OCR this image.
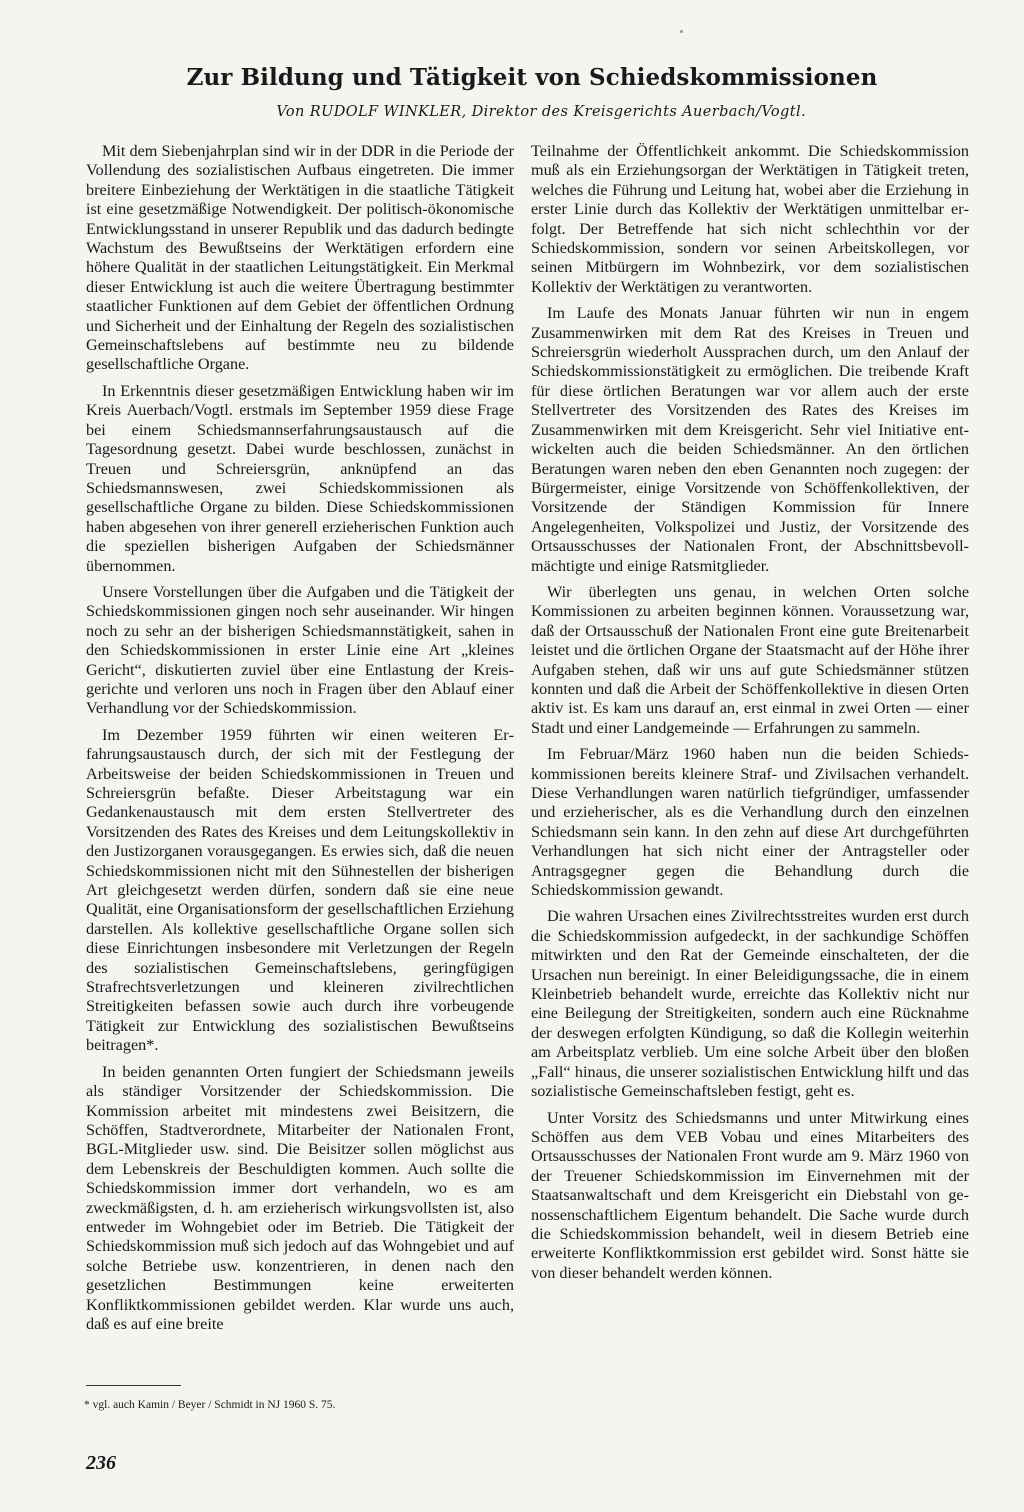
Zur Bildung und Tätigkeit von Schiedskommissionen

Von RUDOLF WINKLER, Direktor des Kreisgerichts Auerbach/Vogtl.

Mit dem Siebenjahrplan sind wir in der DDR in die Periode der Vollendung des sozialistischen Aufbaus eingetreten. Die immer breitere Einbeziehung der Werktätigen in die staatliche Tätigkeit ist eine gesetzmäßige Notwendigkeit. Der politisch-ökonomische Entwicklungsstand in unserer Republik und das dadurch bedingte Wachstum des Bewußtseins der Werktätigen erfordern eine höhere Qualität in der staatlichen Leitungstätigkeit. Ein Merkmal dieser Entwicklung ist auch die weitere Übertragung bestimmter staatlicher Funktionen auf dem Gebiet der öffentlichen Ordnung und Sicherheit und der Einhaltung der Regeln des sozialistischen Gemeinschaftslebens auf bestimmte neu zu bildende gesellschaftliche Organe.

In Erkenntnis dieser gesetzmäßigen Entwicklung haben wir im Kreis Auerbach/Vogtl. erstmals im September 1959 diese Frage bei einem Schiedsmannserfahrungsaustausch auf die Tagesordnung gesetzt. Dabei wurde beschlossen, zunächst in Treuen und Schreiersgrün, anknüpfend an das Schiedsmannswesen, zwei Schiedskommissionen als gesellschaftliche Organe zu bilden. Diese Schiedskommissionen haben abgesehen von ihrer generell erzieherischen Funktion auch die speziellen bisherigen Aufgaben der Schiedsmänner übernommen.

Unsere Vorstellungen über die Aufgaben und die Tätigkeit der Schiedskommissionen gingen noch sehr auseinander. Wir hingen noch zu sehr an der bisherigen Schiedsmannstätigkeit, sahen in den Schiedskommissionen in erster Linie eine Art „kleines Gericht“, diskutierten zuviel über eine Entlastung der Kreisgerichte und verloren uns noch in Fragen über den Ablauf einer Verhandlung vor der Schiedskommission.

Im Dezember 1959 führten wir einen weiteren Erfahrungsaustausch durch, der sich mit der Festlegung der Arbeitsweise der beiden Schiedskommissionen in Treuen und Schreiersgrün befaßte. Dieser Arbeitstagung war ein Gedankenaustausch mit dem ersten Stellvertreter des Vorsitzenden des Rates des Kreises und dem Leitungskollektiv in den Justizorganen vorausgegangen. Es erwies sich, daß die neuen Schiedskommissionen nicht mit den Sühnestellen der bisherigen Art gleichgesetzt werden dürfen, sondern daß sie eine neue Qualität, eine Organisationsform der gesellschaftlichen Erziehung darstellen. Als kollektive gesellschaftliche Organe sollen sich diese Einrichtungen insbesondere mit Verletzungen der Regeln des sozialistischen Gemeinschaftslebens, geringfügigen Strafrechtsverletzungen und kleineren zivilrechtlichen Streitigkeiten befassen sowie auch durch ihre vorbeugende Tätigkeit zur Entwicklung des sozialistischen Bewußtseins beitragen*.

In beiden genannten Orten fungiert der Schiedsmann jeweils als ständiger Vorsitzender der Schiedskommission. Die Kommission arbeitet mit mindestens zwei Beisitzern, die Schöffen, Stadtverordnete, Mitarbeiter der Nationalen Front, BGL-Mitglieder usw. sind. Die Beisitzer sollen möglichst aus dem Lebenskreis der Beschuldigten kommen. Auch sollte die Schiedskommission immer dort verhandeln, wo es am zweckmäßigsten, d. h. am erzieherisch wirkungsvollsten ist, also entweder im Wohngebiet oder im Betrieb. Die Tätigkeit der Schiedskommission muß sich jedoch auf das Wohngebiet und auf solche Betriebe usw. konzentrieren, in denen nach den gesetzlichen Bestimmungen keine erweiterten Konfliktkommissionen gebildet werden. Klar wurde uns auch, daß es auf eine breite

Teilnahme der Öffentlichkeit ankommt. Die Schiedskommission muß als ein Erziehungsorgan der Werktätigen in Tätigkeit treten, welches die Führung und Leitung hat, wobei aber die Erziehung in erster Linie durch das Kollektiv der Werktätigen unmittelbar erfolgt. Der Betreffende hat sich nicht schlechthin vor der Schiedskommission, sondern vor seinen Arbeitskollegen, vor seinen Mitbürgern im Wohnbezirk, vor dem sozialistischen Kollektiv der Werktätigen zu verantworten.

Im Laufe des Monats Januar führten wir nun in engem Zusammenwirken mit dem Rat des Kreises in Treuen und Schreiersgrün wiederholt Aussprachen durch, um den Anlauf der Schiedskommissionstätigkeit zu ermöglichen. Die treibende Kraft für diese örtlichen Beratungen war vor allem auch der erste Stellvertreter des Vorsitzenden des Rates des Kreises im Zusammenwirken mit dem Kreisgericht. Sehr viel Initiative entwickelten auch die beiden Schiedsmänner. An den örtlichen Beratungen waren neben den eben Genannten noch zugegen: der Bürgermeister, einige Vorsitzende von Schöffenkollektiven, der Vorsitzende der Ständigen Kommission für Innere Angelegenheiten, Volkspolizei und Justiz, der Vorsitzende des Ortsausschusses der Nationalen Front, der Abschnittsbevollmächtigte und einige Ratsmitglieder.

Wir überlegten uns genau, in welchen Orten solche Kommissionen zu arbeiten beginnen können. Voraussetzung war, daß der Ortsausschuß der Nationalen Front eine gute Breitenarbeit leistet und die örtlichen Organe der Staatsmacht auf der Höhe ihrer Aufgaben stehen, daß wir uns auf gute Schiedsmänner stützen konnten und daß die Arbeit der Schöffenkollektive in diesen Orten aktiv ist. Es kam uns darauf an, erst einmal in zwei Orten — einer Stadt und einer Landgemeinde — Erfahrungen zu sammeln.

Im Februar/März 1960 haben nun die beiden Schiedskommissionen bereits kleinere Straf- und Zivilsachen verhandelt. Diese Verhandlungen waren natürlich tiefgründiger, umfassender und erzieherischer, als es die Verhandlung durch den einzelnen Schiedsmann sein kann. In den zehn auf diese Art durchgeführten Verhandlungen hat sich nicht einer der Antragsteller oder Antragsgegner gegen die Behandlung durch die Schiedskommission gewandt.

Die wahren Ursachen eines Zivilrechtsstreites wurden erst durch die Schiedskommission aufgedeckt, in der sachkundige Schöffen mitwirkten und den Rat der Gemeinde einschalteten, der die Ursachen nun bereinigt. In einer Beleidigungssache, die in einem Kleinbetrieb behandelt wurde, erreichte das Kollektiv nicht nur eine Beilegung der Streitigkeiten, sondern auch eine Rücknahme der deswegen erfolgten Kündigung, so daß die Kollegin weiterhin am Arbeitsplatz verblieb. Um eine solche Arbeit über den bloßen „Fall“ hinaus, die unserer sozialistischen Entwicklung hilft und das sozialistische Gemeinschaftsleben festigt, geht es.

Unter Vorsitz des Schiedsmanns und unter Mitwirkung eines Schöffen aus dem VEB Vobau und eines Mitarbeiters des Ortsausschusses der Nationalen Front wurde am 9. März 1960 von der Treuener Schiedskommission im Einvernehmen mit der Staatsanwaltschaft und dem Kreisgericht ein Diebstahl von genossenschaftlichem Eigentum behandelt. Die Sache wurde durch die Schiedskommission behandelt, weil in diesem Betrieb eine erweiterte Konfliktkommission erst gebildet wird. Sonst hätte sie von dieser behandelt werden können.

* vgl. auch Kamin / Beyer / Schmidt in NJ 1960 S. 75.
236
